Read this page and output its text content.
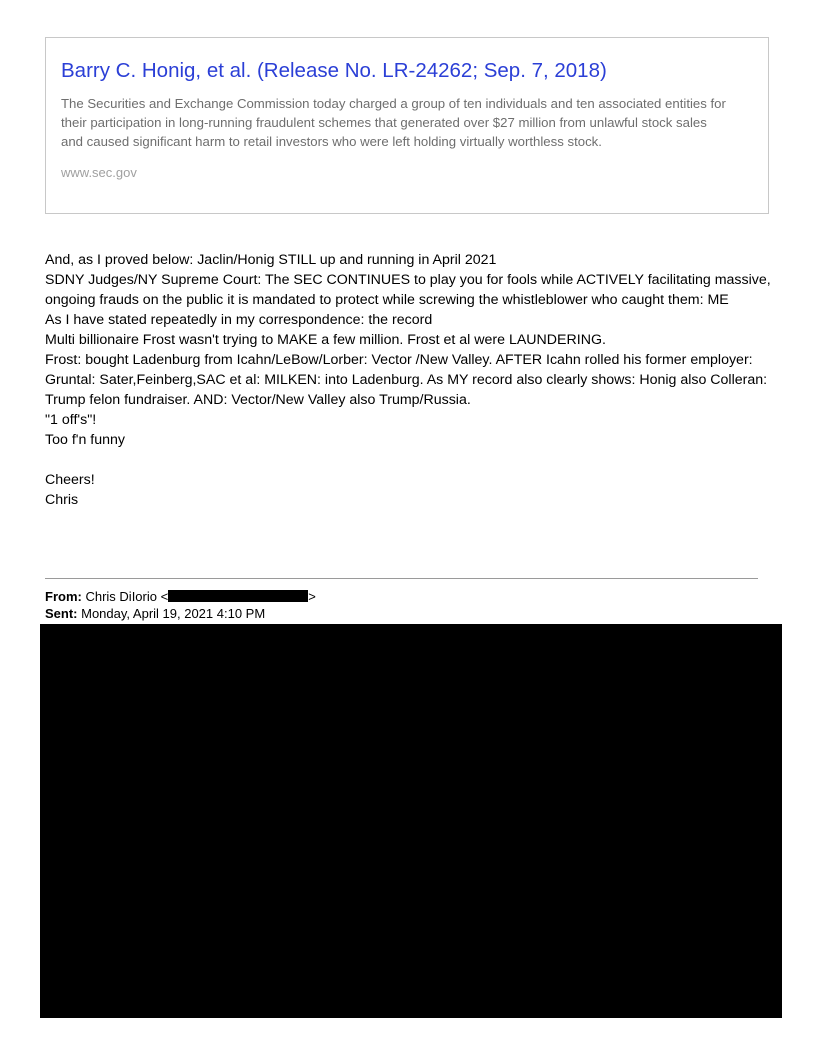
Barry C. Honig, et al. (Release No. LR-24262; Sep. 7, 2018)
The Securities and Exchange Commission today charged a group of ten individuals and ten associated entities for their participation in long-running fraudulent schemes that generated over $27 million from unlawful stock sales and caused significant harm to retail investors who were left holding virtually worthless stock.
www.sec.gov

And, as I proved below: Jaclin/Honig STILL up and running in April 2021

SDNY Judges/NY Supreme Court: The SEC CONTINUES to play you for fools while ACTIVELY facilitating massive, ongoing frauds on the public it is mandated to protect while screwing the whistleblower who caught them: ME

As I have stated repeatedly in my correspondence: the record

Multi billionaire Frost wasn't trying to MAKE a few million. Frost et al were LAUNDERING.

Frost: bought Ladenburg from Icahn/LeBow/Lorber: Vector /New Valley. AFTER Icahn rolled his former employer: Gruntal: Sater,Feinberg,SAC et al: MILKEN: into Ladenburg. As MY record also clearly shows: Honig also Colleran: Trump felon fundraiser. AND: Vector/New Valley also Trump/Russia.

"1 off's"!

Too f'n funny

Cheers!

Chris

From: Chris DiIorio <	>
Sent: Monday, April 19, 2021 4:10 PM
